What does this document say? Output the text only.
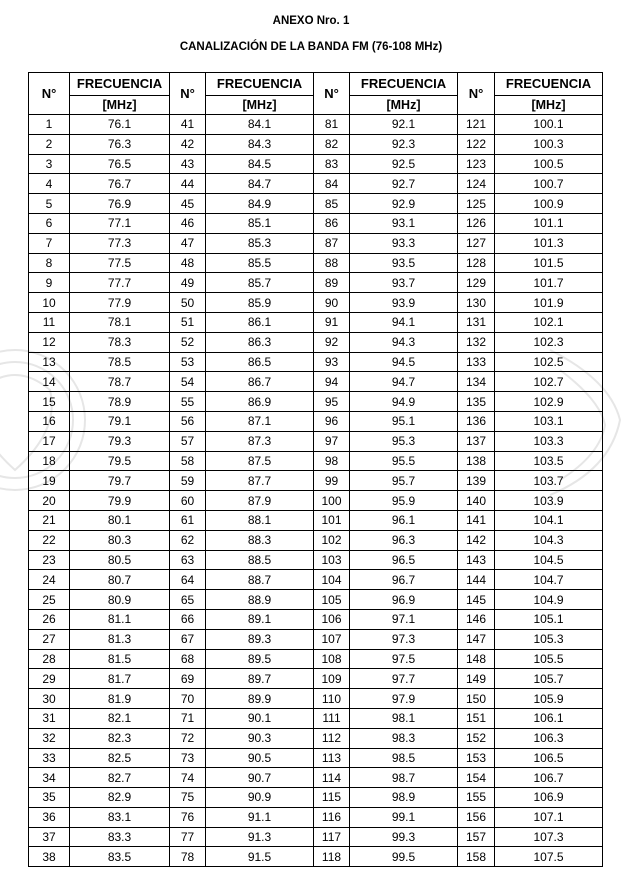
ANEXO Nro. 1
CANALIZACIÓN DE LA BANDA FM (76-108 MHz)
N°	FRECUENCIA	N°	FRECUENCIA	N°	FRECUENCIA	N°	FRECUENCIA
	[MHz]		[MHz]		[MHz]		[MHz]
1	76.1	41	84.1	81	92.1	121	100.1
2	76.3	42	84.3	82	92.3	122	100.3
3	76.5	43	84.5	83	92.5	123	100.5
4	76.7	44	84.7	84	92.7	124	100.7
5	76.9	45	84.9	85	92.9	125	100.9
6	77.1	46	85.1	86	93.1	126	101.1
7	77.3	47	85.3	87	93.3	127	101.3
8	77.5	48	85.5	88	93.5	128	101.5
9	77.7	49	85.7	89	93.7	129	101.7
10	77.9	50	85.9	90	93.9	130	101.9
11	78.1	51	86.1	91	94.1	131	102.1
12	78.3	52	86.3	92	94.3	132	102.3
13	78.5	53	86.5	93	94.5	133	102.5
14	78.7	54	86.7	94	94.7	134	102.7
15	78.9	55	86.9	95	94.9	135	102.9
16	79.1	56	87.1	96	95.1	136	103.1
17	79.3	57	87.3	97	95.3	137	103.3
18	79.5	58	87.5	98	95.5	138	103.5
19	79.7	59	87.7	99	95.7	139	103.7
20	79.9	60	87.9	100	95.9	140	103.9
21	80.1	61	88.1	101	96.1	141	104.1
22	80.3	62	88.3	102	96.3	142	104.3
23	80.5	63	88.5	103	96.5	143	104.5
24	80.7	64	88.7	104	96.7	144	104.7
25	80.9	65	88.9	105	96.9	145	104.9
26	81.1	66	89.1	106	97.1	146	105.1
27	81.3	67	89.3	107	97.3	147	105.3
28	81.5	68	89.5	108	97.5	148	105.5
29	81.7	69	89.7	109	97.7	149	105.7
30	81.9	70	89.9	110	97.9	150	105.9
31	82.1	71	90.1	111	98.1	151	106.1
32	82.3	72	90.3	112	98.3	152	106.3
33	82.5	73	90.5	113	98.5	153	106.5
34	82.7	74	90.7	114	98.7	154	106.7
35	82.9	75	90.9	115	98.9	155	106.9
36	83.1	76	91.1	116	99.1	156	107.1
37	83.3	77	91.3	117	99.3	157	107.3
38	83.5	78	91.5	118	99.5	158	107.5
